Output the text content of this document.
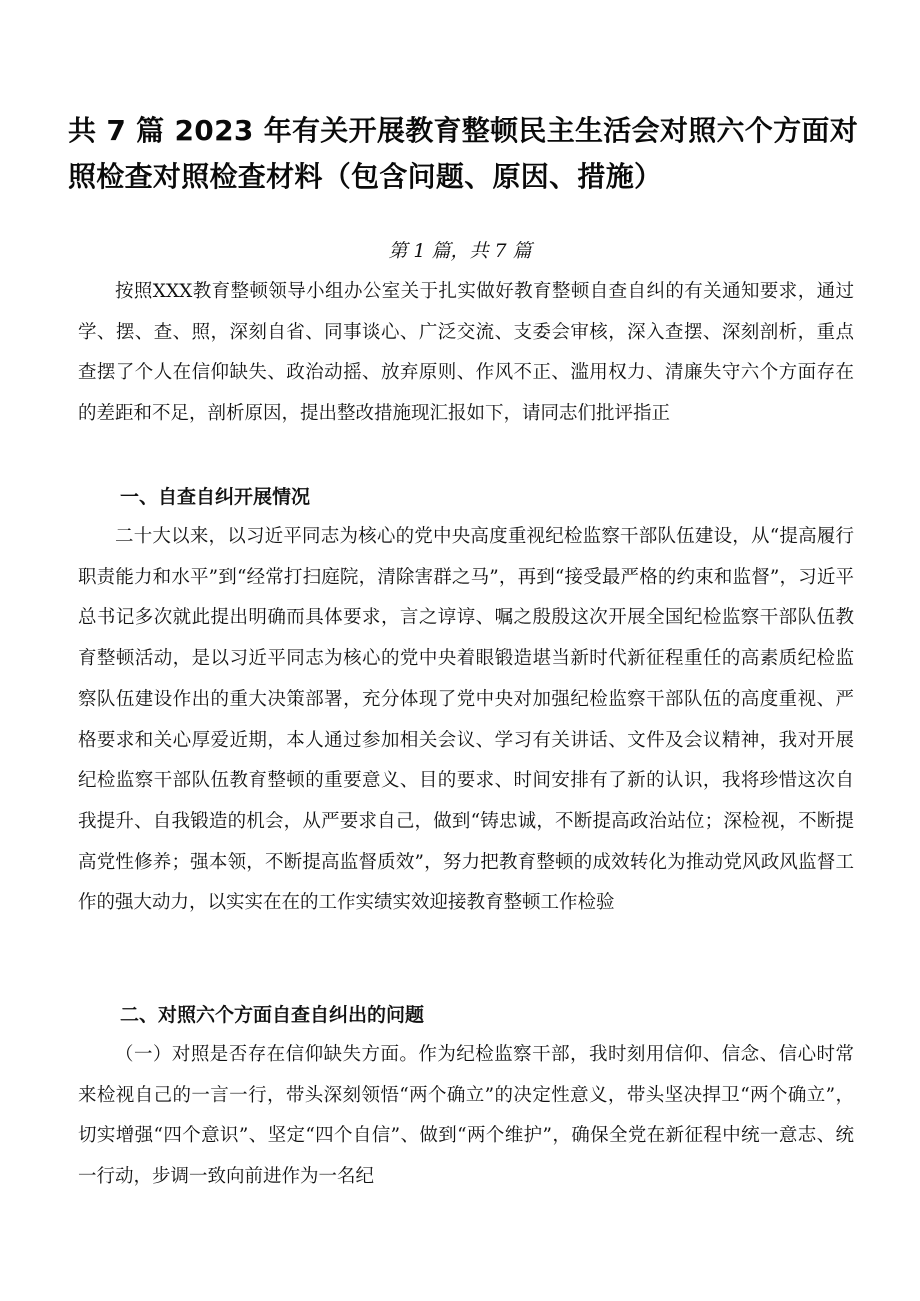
共 7 篇 2023 年有关开展教育整顿民主生活会对照六个方面对照检查对照检查材料（包含问题、原因、措施）
第 1 篇，共 7 篇

按照XXX教育整顿领导小组办公室关于扎实做好教育整顿自查自纠的有关通知要求，通过学、摆、查、照，深刻自省、同事谈心、广泛交流、支委会审核，深入查摆、深刻剖析，重点查摆了个人在信仰缺失、政治动摇、放弃原则、作风不正、滥用权力、清廉失守六个方面存在的差距和不足，剖析原因，提出整改措施现汇报如下，请同志们批评指正

一、自查自纠开展情况

二十大以来，以习近平同志为核心的党中央高度重视纪检监察干部队伍建设，从“提高履行职责能力和水平”到“经常打扫庭院，清除害群之马”，再到“接受最严格的约束和监督”，习近平总书记多次就此提出明确而具体要求，言之谆谆、嘱之殷殷这次开展全国纪检监察干部队伍教育整顿活动，是以习近平同志为核心的党中央着眼锻造堪当新时代新征程重任的高素质纪检监察队伍建设作出的重大决策部署，充分体现了党中央对加强纪检监察干部队伍的高度重视、严格要求和关心厚爱近期，本人通过参加相关会议、学习有关讲话、文件及会议精神，我对开展纪检监察干部队伍教育整顿的重要意义、目的要求、时间安排有了新的认识，我将珍惜这次自我提升、自我锻造的机会，从严要求自己，做到“铸忠诚，不断提高政治站位；深检视，不断提高党性修养；强本领，不断提高监督质效”，努力把教育整顿的成效转化为推动党风政风监督工作的强大动力，以实实在在的工作实绩实效迎接教育整顿工作检验

二、对照六个方面自查自纠出的问题

（一）对照是否存在信仰缺失方面。作为纪检监察干部，我时刻用信仰、信念、信心时常来检视自己的一言一行，带头深刻领悟“两个确立”的决定性意义，带头坚决捍卫“两个确立”，切实增强“四个意识”、坚定“四个自信”、做到“两个维护”，确保全党在新征程中统一意志、统一行动，步调一致向前进作为一名纪
